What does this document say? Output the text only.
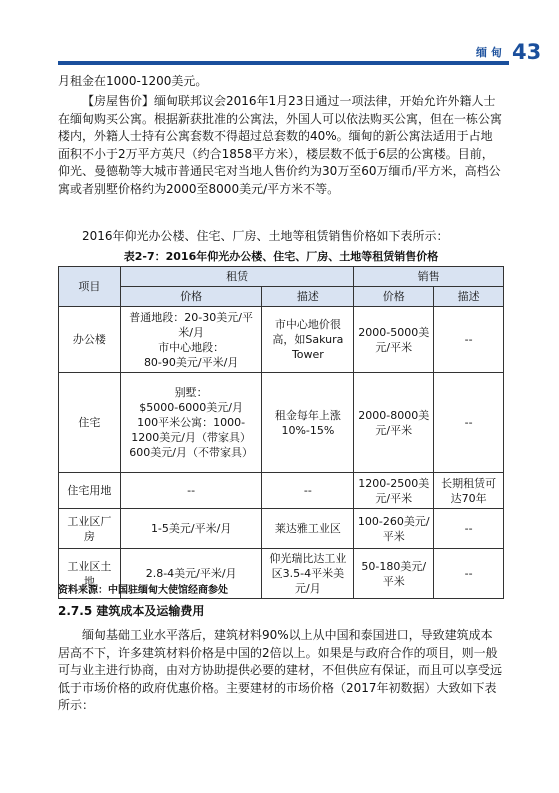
缅甸 43
月租金在1000-1200美元。
【房屋售价】缅甸联邦议会2016年1月23日通过一项法律，开始允许外籍人士在缅甸购买公寓。根据新获批准的公寓法，外国人可以依法购买公寓，但在一栋公寓楼内，外籍人士持有公寓套数不得超过总套数的40%。缅甸的新公寓法适用于占地面积不小于2万平方英尺（约合1858平方米），楼层数不低于6层的公寓楼。目前，仰光、曼德勒等大城市普通民宅对当地人售价约为30万至60万缅币/平方米，高档公寓或者别墅价格约为2000至8000美元/平方米不等。
2016年仰光办公楼、住宅、厂房、土地等租赁销售价格如下表所示：
表2-7：2016年仰光办公楼、住宅、厂房、土地等租赁销售价格
项目	租赁		销售	
	价格	描述	价格	描述
办公楼	普通地段：20-30美元/平米/月
市中心地段：
80-90美元/平米/月	市中心地价很高，如Sakura Tower	2000-5000美元/平米	--
住宅	别墅：
$5000-6000美元/月
100平米公寓：1000-1200美元/月（带家具）
600美元/月（不带家具）	租金每年上涨10%-15%	2000-8000美元/平米	--
住宅用地	--	--	1200-2500美元/平米	长期租赁可达70年
工业区厂房	1-5美元/平米/月	莱达雅工业区	100-260美元/平米	--
工业区土地	2.8-4美元/平米/月	仰光瑞比达工业区3.5-4平米美元/月	50-180美元/平米	--
资料来源：中国驻缅甸大使馆经商参处
2.7.5 建筑成本及运输费用
缅甸基础工业水平落后，建筑材料90%以上从中国和泰国进口，导致建筑成本居高不下，许多建筑材料价格是中国的2倍以上。如果是与政府合作的项目，则一般可与业主进行协商，由对方协助提供必要的建材，不但供应有保证，而且可以享受远低于市场价格的政府优惠价格。主要建材的市场价格（2017年初数据）大致如下表所示：
